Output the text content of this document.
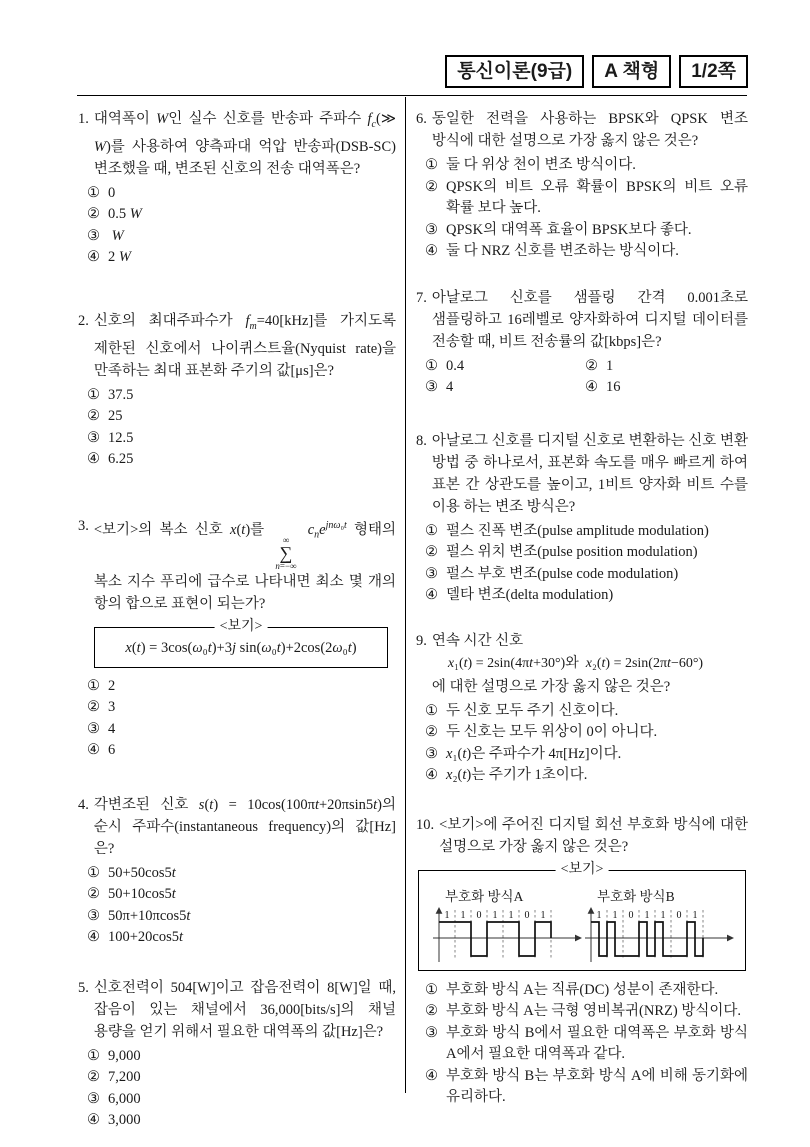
통신이론(9급)	A 책형	1/2쪽
1. 대역폭이 W인 실수 신호를 반송파 주파수 $f_c(≫$ W)를 사용하여 양측파대 억압 반송파(DSB-SC) 변조했을 때, 변조된 신호의 전송 대역폭은?
① 0
② 0.5 W
③ W
④ 2 W
2. 신호의 최대주파수가 $f_m=40[kHz]$를 가지도록 제한된 신호에서 나이퀴스트율(Nyquist rate)을 만족하는 최대 표본화 주기의 값[μs]은?
① 37.5
② 25
③ 12.5
④ 6.25
3. <보기>의 복소 신호 x(t)를
∞
∑
n=−∞
$c_ne^{jn\omega_0t}$ 형태의 복소 지수 푸리에 급수로 나타내면 최소 몇 개의 항의 합으로 표현이 되는가?
<보기>
x(t) = 3cos(ω₀t)+3j sin(ω₀t)+2cos(2ω₀t)
① 2
② 3
③ 4
④ 6
4. 각변조된 신호 s(t) = 10cos(100πt+20πsin5t)의 순시 주파수(instantaneous frequency)의 값[Hz]은?
① 50+50cos5t
② 50+10cos5t
③ 50π+10πcos5t
④ 100+20cos5t
5. 신호전력이 504[W]이고 잡음전력이 8[W]일 때, 잡음이 있는 채널에서 36,000[bits/s]의 채널 용량을 얻기 위해서 필요한 대역폭의 값[Hz]은?
① 9,000
② 7,200
③ 6,000
④ 3,000
6. 동일한 전력을 사용하는 BPSK와 QPSK 변조 방식에 대한 설명으로 가장 옳지 않은 것은?
① 둘 다 위상 천이 변조 방식이다.
② QPSK의 비트 오류 확률이 BPSK의 비트 오류 확률 보다 높다.
③ QPSK의 대역폭 효율이 BPSK보다 좋다.
④ 둘 다 NRZ 신호를 변조하는 방식이다.
7. 아날로그 신호를 샘플링 간격 0.001초로 샘플링하고 16레벨로 양자화하여 디지털 데이터를 전송할 때, 비트 전송률의 값[kbps]은?
① 0.4	② 1
③ 4	④ 16
8. 아날로그 신호를 디지털 신호로 변환하는 신호 변환 방법 중 하나로서, 표본화 속도를 매우 빠르게 하여 표본 간 상관도를 높이고, 1비트 양자화 비트 수를 이용 하는 변조 방식은?
① 펄스 진폭 변조(pulse amplitude modulation)
② 펄스 위치 변조(pulse position modulation)
③ 펄스 부호 변조(pulse code modulation)
④ 델타 변조(delta modulation)
9. 연속 시간 신호
x₁(t) = 2sin(4πt+30°)와  x₂(t) = 2sin(2πt−60°)
에 대한 설명으로 가장 옳지 않은 것은?
① 두 신호 모두 주기 신호이다.
② 두 신호는 모두 위상이 0이 아니다.
③ x₁(t)은 주파수가 4π[Hz]이다.
④ x₂(t)는 주기가 1초이다.
10. <보기>에 주어진 디지털 회선 부호화 방식에 대한 설명으로 가장 옳지 않은 것은?
<보기>
부호화 방식A
1 1 0 1 1 0 1
부호화 방식B
1 1 0 1 1 0 1
① 부호화 방식 A는 직류(DC) 성분이 존재한다.
② 부호화 방식 A는 극형 영비복귀(NRZ) 방식이다.
③ 부호화 방식 B에서 필요한 대역폭은 부호화 방식 A에서 필요한 대역폭과 같다.
④ 부호화 방식 B는 부호화 방식 A에 비해 동기화에 유리하다.
